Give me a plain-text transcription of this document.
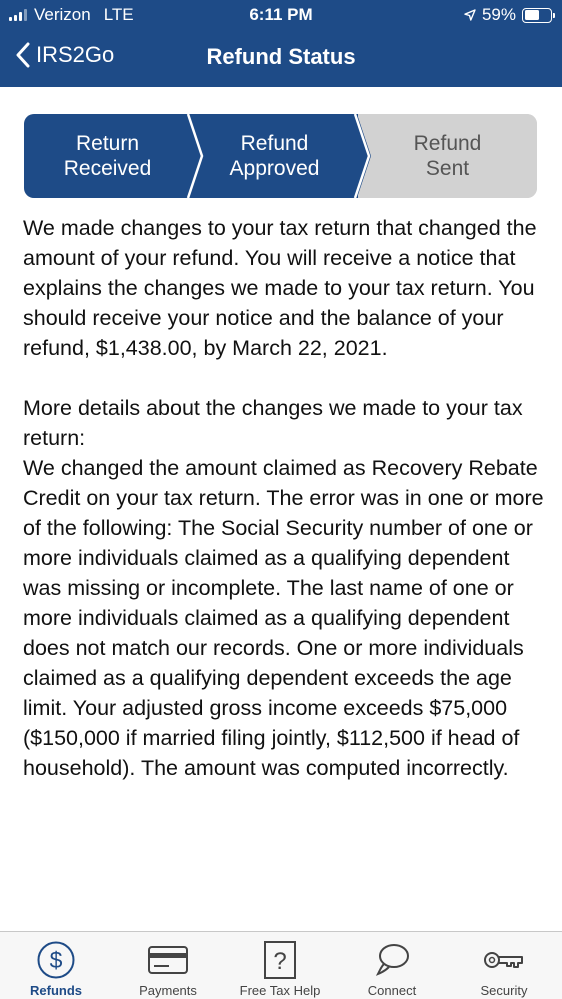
Verizon LTE	6:11 PM	59%
IRS2Go	Refund Status
Return
Received
Refund
Approved
Refund
Sent

We made changes to your tax return that changed the amount of your refund. You will receive a notice that explains the changes we made to your tax return. You should receive your notice and the balance of your refund, $1,438.00, by March 22, 2021.

More details about the changes we made to your tax return:

We changed the amount claimed as Recovery Rebate Credit on your tax return. The error was in one or more of the following: The Social Security number of one or more individuals claimed as a qualifying dependent was missing or incomplete. The last name of one or more individuals claimed as a qualifying dependent does not match our records. One or more individuals claimed as a qualifying dependent exceeds the age limit. Your adjusted gross income exceeds $75,000 ($150,000 if married filing jointly, $112,500 if head of household). The amount was computed incorrectly.

$
Refunds	Payments
?
Free Tax Help	Connect	Security
